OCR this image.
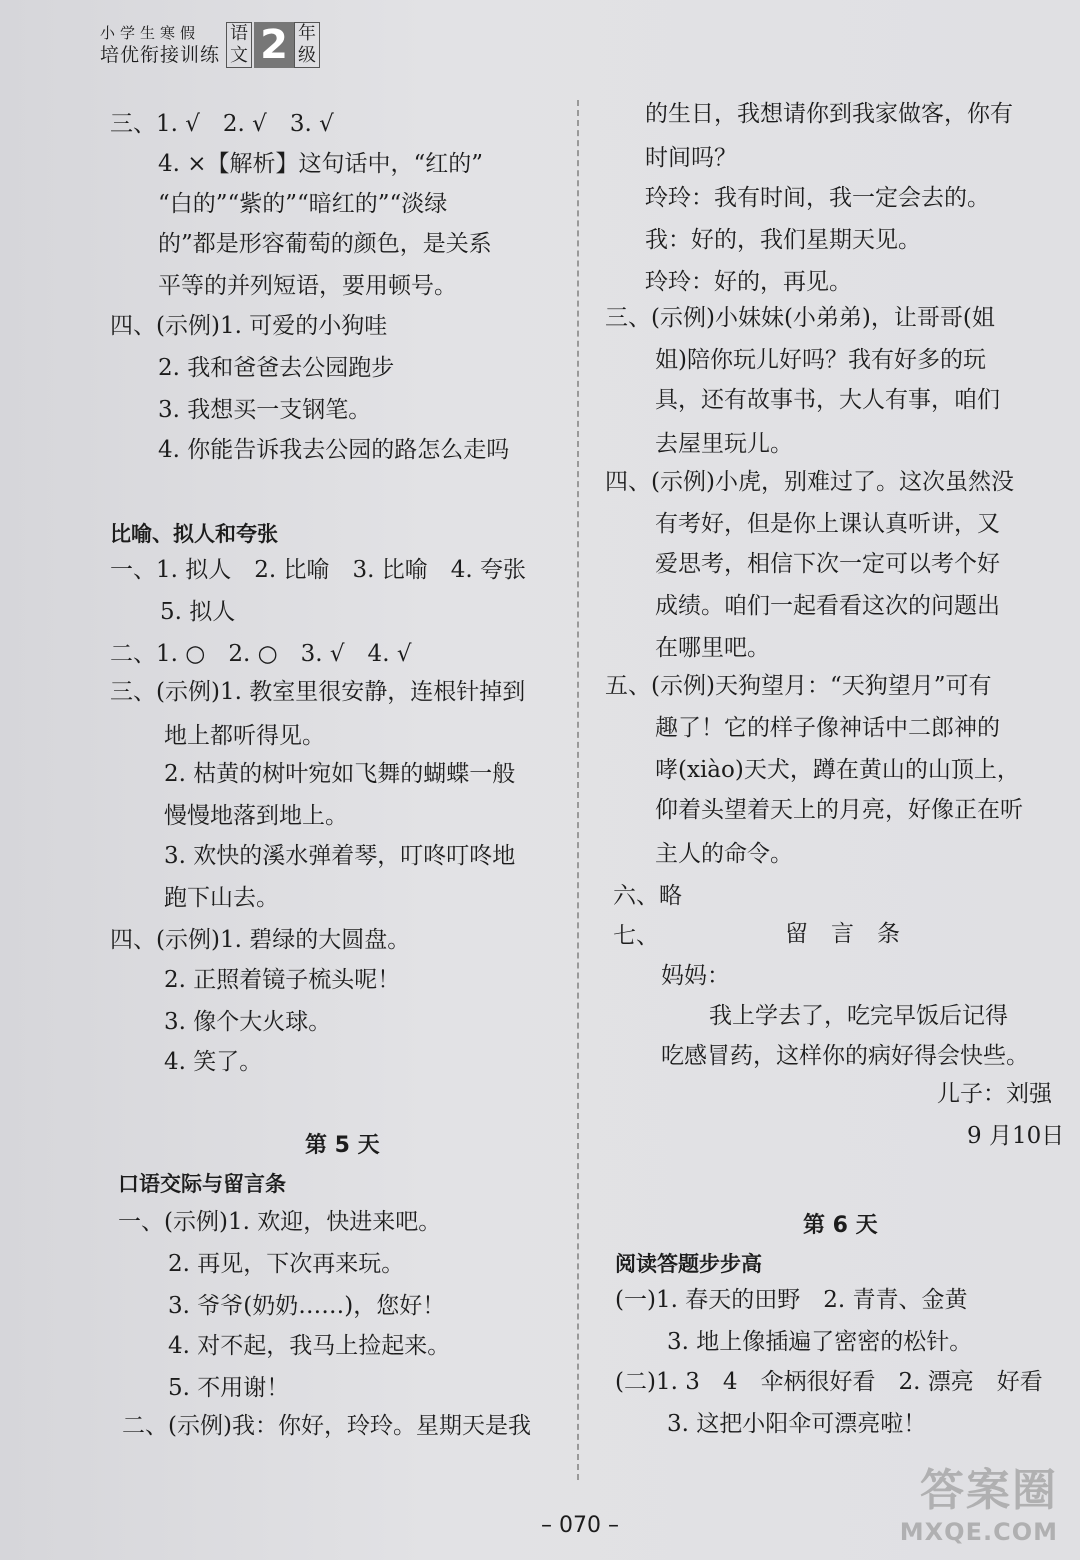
小学生寒假
培优衔接训练
语
文 2 年
级
三、1. √　2. √　3. √
4. ×【解析】这句话中，“红的”
“白的”“紫的”“暗红的”“淡绿
的”都是形容葡萄的颜色，是关系
平等的并列短语，要用顿号。
四、(示例)1. 可爱的小狗哇
2. 我和爸爸去公园跑步
3. 我想买一支钢笔。
4. 你能告诉我去公园的路怎么走吗
比喻、拟人和夸张
一、1. 拟人　2. 比喻　3. 比喻　4. 夸张
5. 拟人
二、1. ○　2. ○　3. √　4. √
三、(示例)1. 教室里很安静，连根针掉到
地上都听得见。
2. 枯黄的树叶宛如飞舞的蝴蝶一般
慢慢地落到地上。
3. 欢快的溪水弹着琴，叮咚叮咚地
跑下山去。
四、(示例)1. 碧绿的大圆盘。
2. 正照着镜子梳头呢！
3. 像个大火球。
4. 笑了。
第 5 天
口语交际与留言条
一、(示例)1. 欢迎，快进来吧。
2. 再见，下次再来玩。
3. 爷爷(奶奶……)，您好！
4. 对不起，我马上捡起来。
5. 不用谢！
二、(示例)我：你好，玲玲。星期天是我
的生日，我想请你到我家做客，你有
时间吗？
玲玲：我有时间，我一定会去的。
我：好的，我们星期天见。
玲玲：好的，再见。
三、(示例)小妹妹(小弟弟)，让哥哥(姐
姐)陪你玩儿好吗？我有好多的玩
具，还有故事书，大人有事，咱们
去屋里玩儿。
四、(示例)小虎，别难过了。这次虽然没
有考好，但是你上课认真听讲，又
爱思考，相信下次一定可以考个好
成绩。咱们一起看看这次的问题出
在哪里吧。
五、(示例)天狗望月：“天狗望月”可有
趣了！它的样子像神话中二郎神的
哮(xiào)天犬，蹲在黄山的山顶上，
仰着头望着天上的月亮，好像正在听
主人的命令。
六、略
七、	留　言　条
妈妈：
我上学去了，吃完早饭后记得
吃感冒药，这样你的病好得会快些。
儿子：刘强
9 月10日
第 6 天
阅读答题步步高
(一)1. 春天的田野　2. 青青、金黄
3. 地上像插遍了密密的松针。
(二)1. 3　4　伞柄很好看　2. 漂亮　好看
3. 这把小阳伞可漂亮啦！
– 070 –
答案圈
MXQE.COM
